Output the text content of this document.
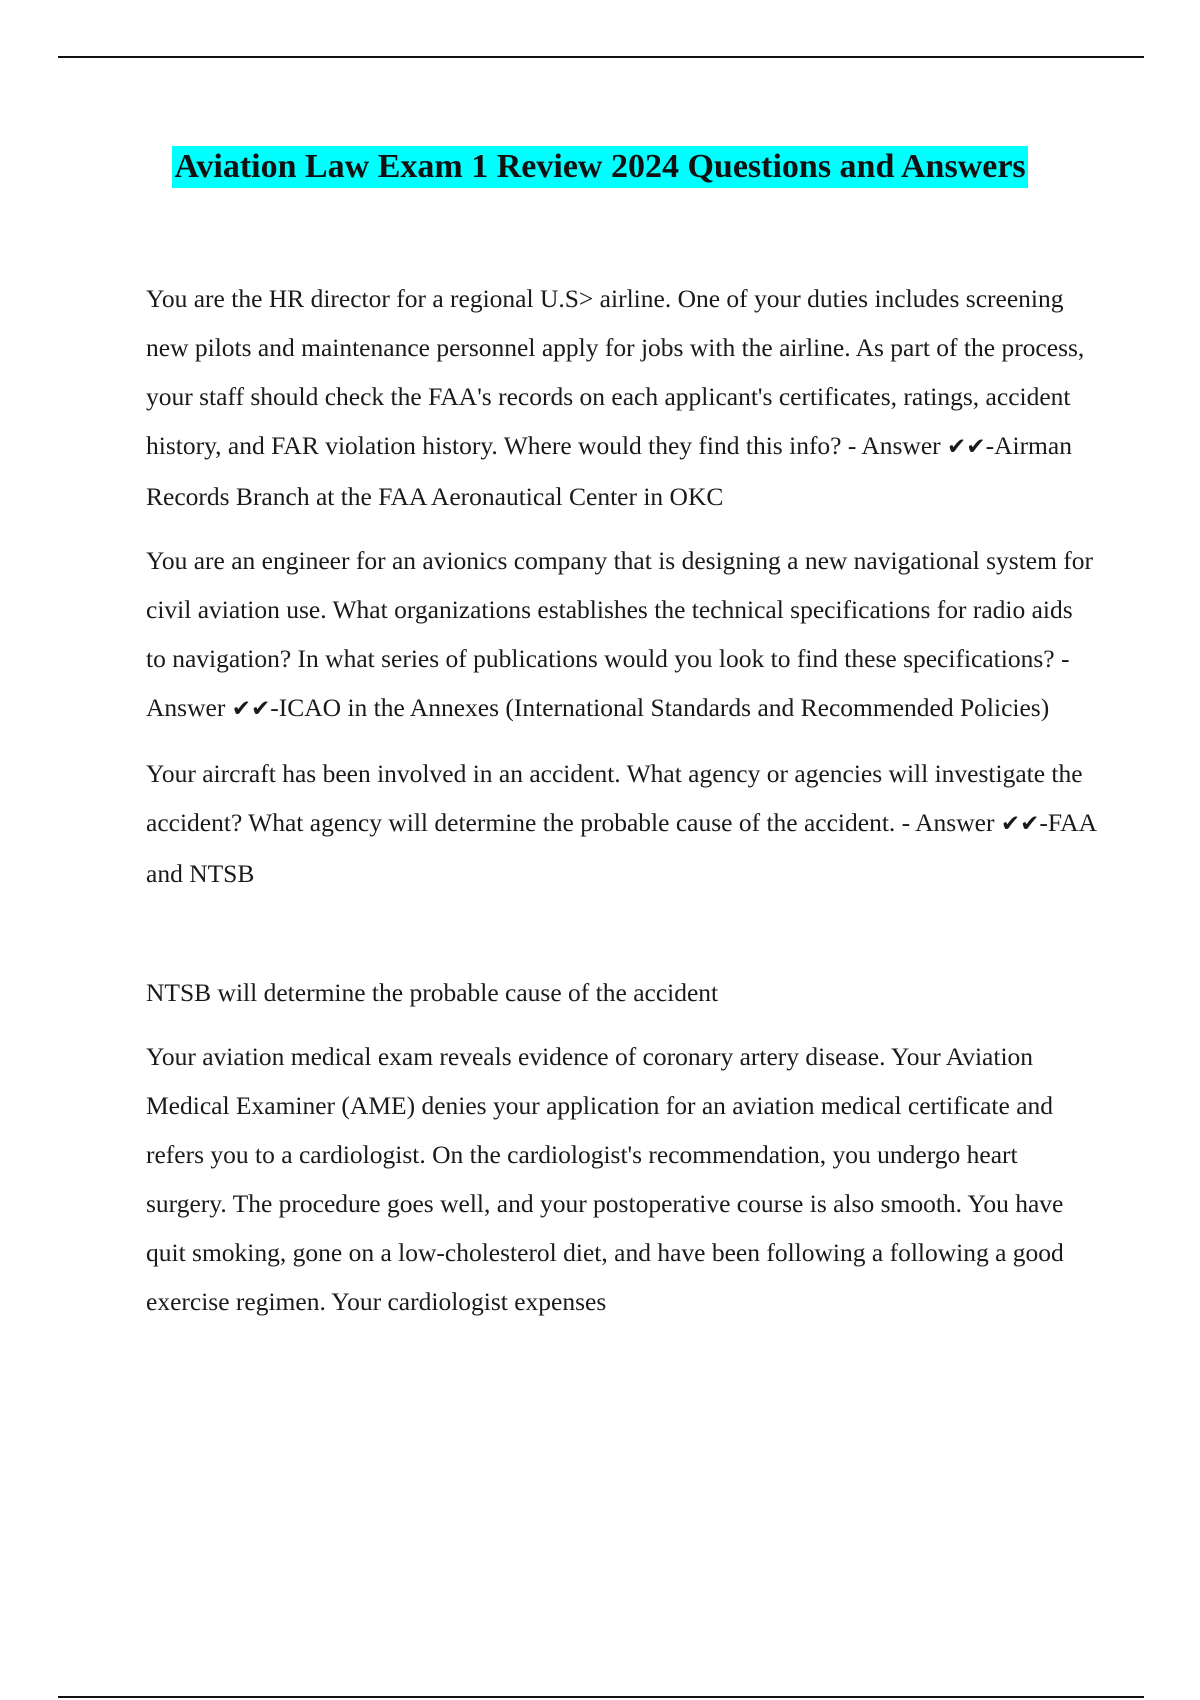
Aviation Law Exam 1 Review 2024 Questions and Answers

You are the HR director for a regional U.S> airline. One of your duties includes screening new pilots and maintenance personnel apply for jobs with the airline. As part of the process, your staff should check the FAA's records on each applicant's certificates, ratings, accident history, and FAR violation history. Where would they find this info? - Answer ✔✔-Airman Records Branch at the FAA Aeronautical Center in OKC

You are an engineer for an avionics company that is designing a new navigational system for civil aviation use. What organizations establishes the technical specifications for radio aids to navigation? In what series of publications would you look to find these specifications? - Answer ✔✔-ICAO in the Annexes (International Standards and Recommended Policies)

Your aircraft has been involved in an accident. What agency or agencies will investigate the accident? What agency will determine the probable cause of the accident. - Answer ✔✔-FAA and NTSB

NTSB will determine the probable cause of the accident

Your aviation medical exam reveals evidence of coronary artery disease. Your Aviation Medical Examiner (AME) denies your application for an aviation medical certificate and refers you to a cardiologist. On the cardiologist's recommendation, you undergo heart surgery. The procedure goes well, and your postoperative course is also smooth. You have quit smoking, gone on a low-cholesterol diet, and have been following a following a good exercise regimen. Your cardiologist expenses
